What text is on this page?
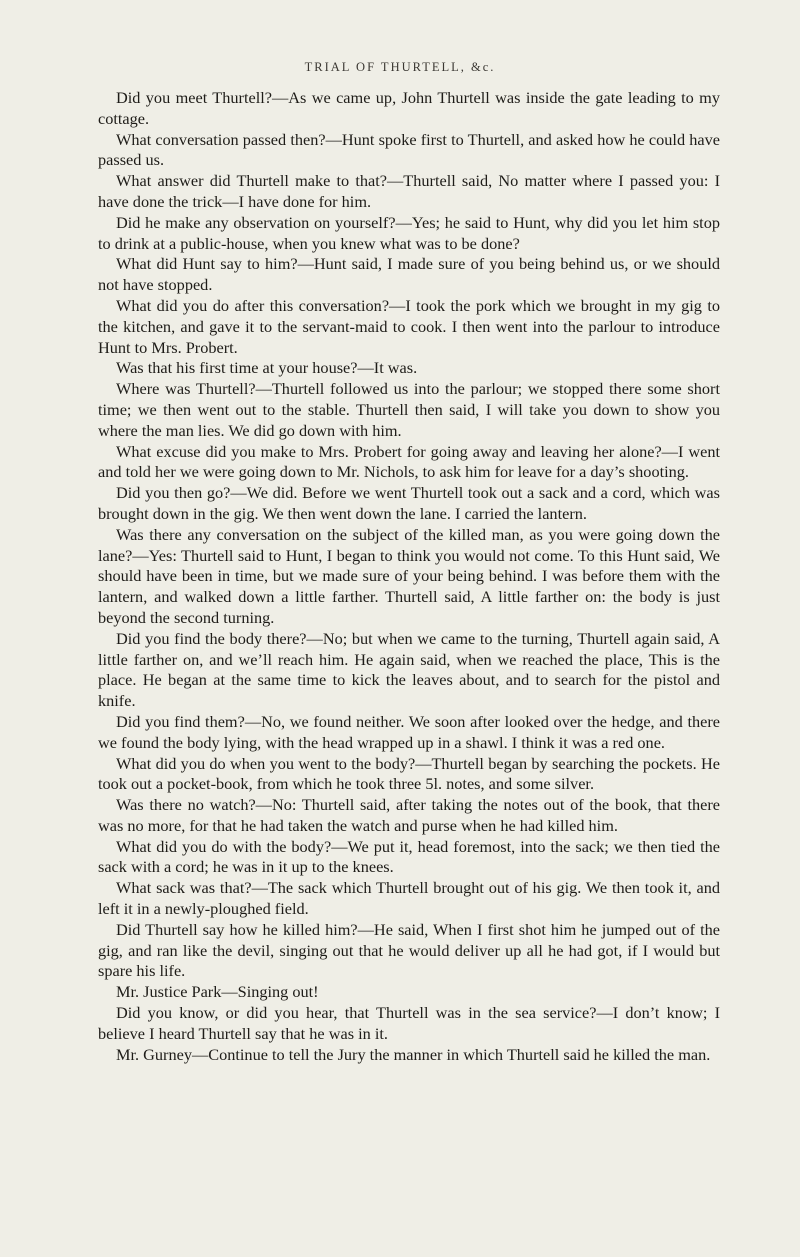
TRIAL OF THURTELL, &c.

Did you meet Thurtell?—As we came up, John Thurtell was inside the gate leading to my cottage.

What conversation passed then?—Hunt spoke first to Thurtell, and asked how he could have passed us.

What answer did Thurtell make to that?—Thurtell said, No matter where I passed you: I have done the trick—I have done for him.

Did he make any observation on yourself?—Yes; he said to Hunt, why did you let him stop to drink at a public-house, when you knew what was to be done?

What did Hunt say to him?—Hunt said, I made sure of you being behind us, or we should not have stopped.

What did you do after this conversation?—I took the pork which we brought in my gig to the kitchen, and gave it to the servant-maid to cook. I then went into the parlour to introduce Hunt to Mrs. Probert.

Was that his first time at your house?—It was.

Where was Thurtell?—Thurtell followed us into the parlour; we stopped there some short time; we then went out to the stable. Thurtell then said, I will take you down to show you where the man lies. We did go down with him.

What excuse did you make to Mrs. Probert for going away and leaving her alone?—I went and told her we were going down to Mr. Nichols, to ask him for leave for a day’s shooting.

Did you then go?—We did. Before we went Thurtell took out a sack and a cord, which was brought down in the gig. We then went down the lane. I carried the lantern.

Was there any conversation on the subject of the killed man, as you were going down the lane?—Yes: Thurtell said to Hunt, I began to think you would not come. To this Hunt said, We should have been in time, but we made sure of your being behind. I was before them with the lantern, and walked down a little farther. Thurtell said, A little farther on: the body is just beyond the second turning.

Did you find the body there?—No; but when we came to the turning, Thurtell again said, A little farther on, and we’ll reach him. He again said, when we reached the place, This is the place. He began at the same time to kick the leaves about, and to search for the pistol and knife.

Did you find them?—No, we found neither. We soon after looked over the hedge, and there we found the body lying, with the head wrapped up in a shawl. I think it was a red one.

What did you do when you went to the body?—Thurtell began by searching the pockets. He took out a pocket-book, from which he took three 5l. notes, and some silver.

Was there no watch?—No: Thurtell said, after taking the notes out of the book, that there was no more, for that he had taken the watch and purse when he had killed him.

What did you do with the body?—We put it, head foremost, into the sack; we then tied the sack with a cord; he was in it up to the knees.

What sack was that?—The sack which Thurtell brought out of his gig. We then took it, and left it in a newly-ploughed field.

Did Thurtell say how he killed him?—He said, When I first shot him he jumped out of the gig, and ran like the devil, singing out that he would deliver up all he had got, if I would but spare his life.

Mr. Justice Park—Singing out!

Did you know, or did you hear, that Thurtell was in the sea service?—I don’t know; I believe I heard Thurtell say that he was in it.

Mr. Gurney—Continue to tell the Jury the manner in which Thurtell said he killed the man.
